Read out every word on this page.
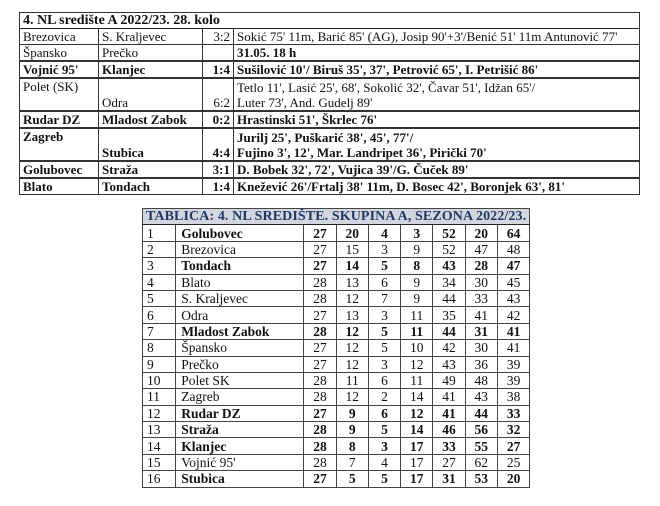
4. NL središte A 2022/23. 28. kolo			
Brezovica	S. Kraljevec	3:2	Sokić 75' 11m, Barić 85' (AG), Josip 90'+3'/Benić 51' 11m Antunović 77'

Špansko	Prečko		31.05. 18 h

Vojnić 95'	Klanjec	1:4	Sušilović 10'/ Biruš 35', 37', Petrović 65', I. Petrišić 86'

Polet (SK)	Odra	6:2	Tetlo 11', Lasić 25', 68', Sokolić 32', Čavar 51', Idžan 65'/
Luter 73', And. Gudelj 89'

Rudar DZ	Mladost Zabok	0:2	Hrastinski 51', Škrlec 76'

Zagreb	Stubica	4:4	Jurilj 25', Puškarić 38', 45', 77'/
Fujino 3', 12', Mar. Landripet 36', Pirički 70'

Golubovec	Straža	3:1	D. Bobek 32', 72', Vujica 39'/G. Čuček 89'

Blato	Tondach	1:4	Knežević 26'/Frtalj 38' 11m, D. Bosec 42', Boronjek 63', 81'
TABLICA: 4. NL SREDIŠTE. SKUPINA A, SEZONA 2022/23.								
1	Golubovec	27	20	4	3	52	20	64
2	Brezovica	27	15	3	9	52	47	48
3	Tondach	27	14	5	8	43	28	47
4	Blato	28	13	6	9	34	30	45
5	S. Kraljevec	28	12	7	9	44	33	43
6	Odra	27	13	3	11	35	41	42
7	Mladost Zabok	28	12	5	11	44	31	41
8	Špansko	27	12	5	10	42	30	41
9	Prečko	27	12	3	12	43	36	39
10	Polet SK	28	11	6	11	49	48	39
11	Zagreb	28	12	2	14	41	43	38
12	Rudar DZ	27	9	6	12	41	44	33
13	Straža	28	9	5	14	46	56	32
14	Klanjec	28	8	3	17	33	55	27
15	Vojnić 95'	28	7	4	17	27	62	25
16	Stubica	27	5	5	17	31	53	20
